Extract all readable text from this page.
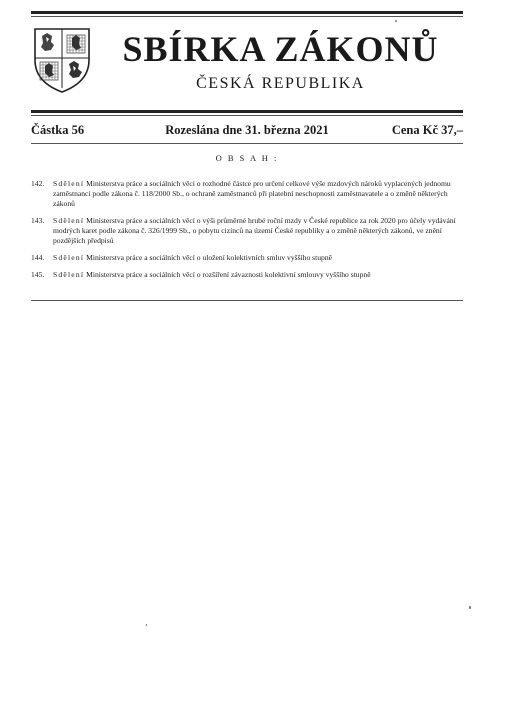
SBÍRKA ZÁKONŮ
ČESKÁ REPUBLIKA
Částka 56	Rozeslána dne 31. března 2021	Cena Kč 37,–
O B S A H :
142. Sdělení Ministerstva práce a sociálních věcí o rozhodné částce pro určení celkové výše mzdových nároků vyplacených jednomu zaměstnanci podle zákona č. 118/2000 Sb., o ochraně zaměstnanců při platební neschopnosti zaměstnavatele a o změně některých zákonů
143. Sdělení Ministerstva práce a sociálních věcí o výši průměrné hrubé roční mzdy v České republice za rok 2020 pro účely vydávání modrých karet podle zákona č. 326/1999 Sb., o pobytu cizinců na území České republiky a o změně některých zákonů, ve znění pozdějších předpisů
144. Sdělení Ministerstva práce a sociálních věcí o uložení kolektivních smluv vyššího stupně
145. Sdělení Ministerstva práce a sociálních věcí o rozšíření závaznosti kolektivní smlouvy vyššího stupně
